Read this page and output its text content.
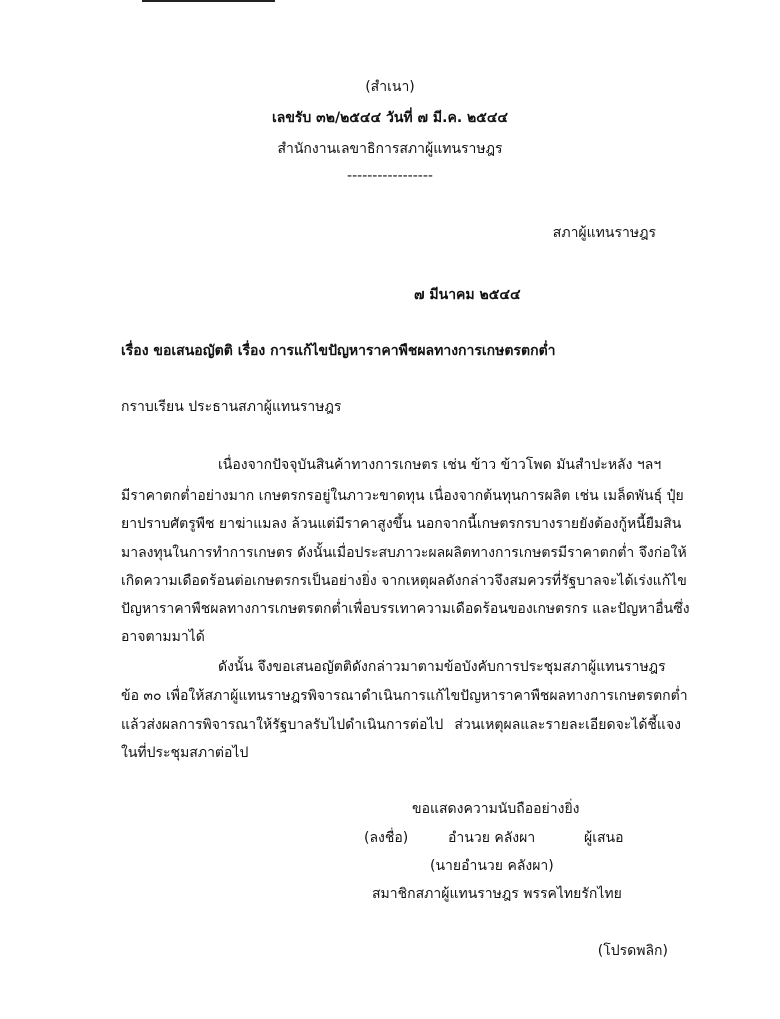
(สำเนา)
เลขรับ ๓๒/๒๕๔๔ วันที่ ๗ มี.ค. ๒๕๔๔
สำนักงานเลขาธิการสภาผู้แทนราษฎร
-----------------
สภาผู้แทนราษฎร
๗ มีนาคม ๒๕๔๔
เรื่อง ขอเสนอญัตติ เรื่อง การแก้ไขปัญหาราคาพืชผลทางการเกษตรตกต่ำ
กราบเรียน ประธานสภาผู้แทนราษฎร
เนื่องจากปัจจุบันสินค้าทางการเกษตร เช่น ข้าว ข้าวโพด มันสำปะหลัง ฯลฯ
มีราคาตกต่ำอย่างมาก เกษตรกรอยู่ในภาวะขาดทุน เนื่องจากต้นทุนการผลิต เช่น เมล็ดพันธุ์ ปุ๋ย
ยาปราบศัตรูพืช ยาฆ่าแมลง ล้วนแต่มีราคาสูงขึ้น นอกจากนี้เกษตรกรบางรายยังต้องกู้หนี้ยืมสิน
มาลงทุนในการทำการเกษตร ดังนั้นเมื่อประสบภาวะผลผลิตทางการเกษตรมีราคาตกต่ำ จึงก่อให้
เกิดความเดือดร้อนต่อเกษตรกรเป็นอย่างยิ่ง จากเหตุผลดังกล่าวจึงสมควรที่รัฐบาลจะได้เร่งแก้ไข
ปัญหาราคาพืชผลทางการเกษตรตกต่ำเพื่อบรรเทาความเดือดร้อนของเกษตรกร และปัญหาอื่นซึ่ง
อาจตามมาได้
ดังนั้น จึงขอเสนอญัตติดังกล่าวมาตามข้อบังคับการประชุมสภาผู้แทนราษฎร
ข้อ ๓๐ เพื่อให้สภาผู้แทนราษฎรพิจารณาดำเนินการแก้ไขปัญหาราคาพืชผลทางการเกษตรตกต่ำ
แล้วส่งผลการพิจารณาให้รัฐบาลรับไปดำเนินการต่อไป ส่วนเหตุผลและรายละเอียดจะได้ชี้แจง
ในที่ประชุมสภาต่อไป
ขอแสดงความนับถืออย่างยิ่ง
(ลงชื่อ)	อำนวย คลังผา	ผู้เสนอ
(นายอำนวย คลังผา)
สมาชิกสภาผู้แทนราษฎร พรรคไทยรักไทย
(โปรดพลิก)
